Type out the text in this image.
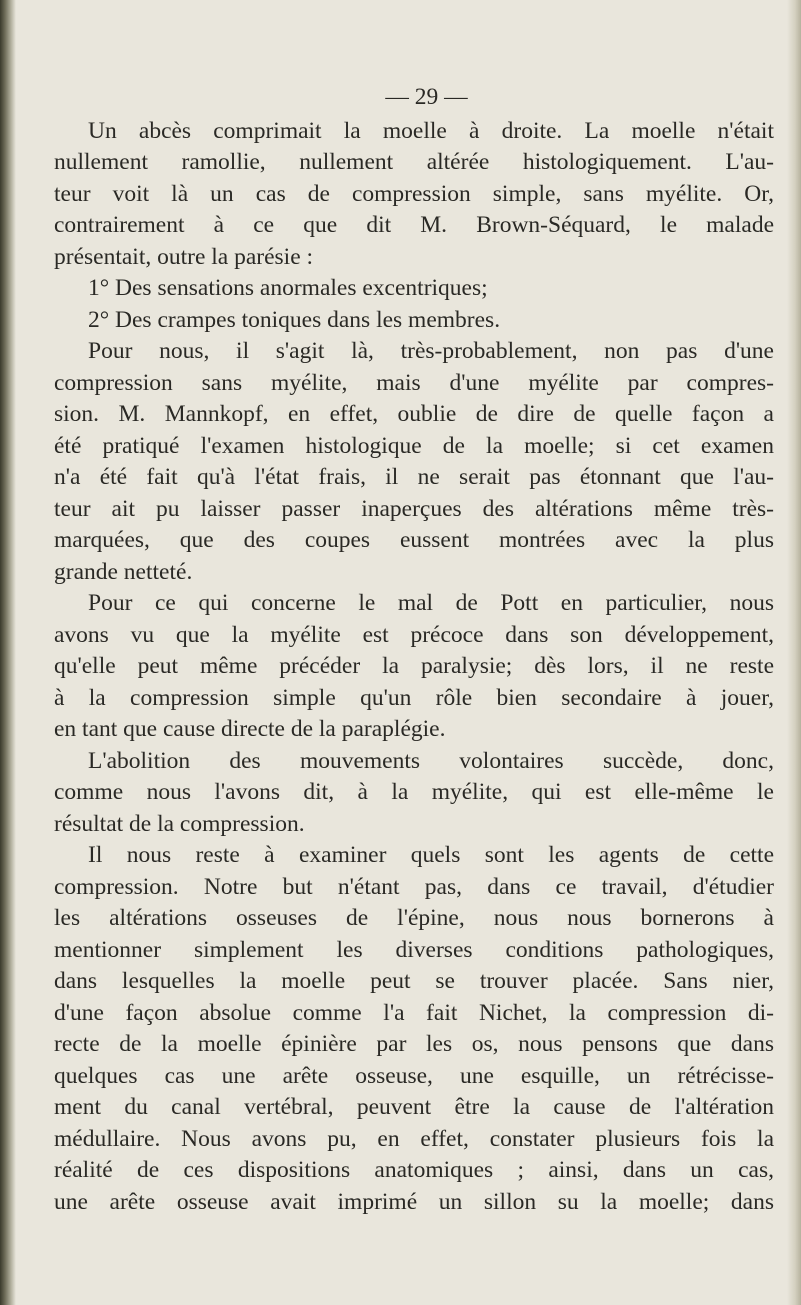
— 29 —
Un abcès comprimait la moelle à droite. La moelle n'était
nullement ramollie, nullement altérée histologiquement. L'au-
teur voit là un cas de compression simple, sans myélite. Or,
contrairement à ce que dit M. Brown-Séquard, le malade
présentait, outre la parésie :
1° Des sensations anormales excentriques;
2° Des crampes toniques dans les membres.
Pour nous, il s'agit là, très-probablement, non pas d'une
compression sans myélite, mais d'une myélite par compres-
sion. M. Mannkopf, en effet, oublie de dire de quelle façon a
été pratiqué l'examen histologique de la moelle; si cet examen
n'a été fait qu'à l'état frais, il ne serait pas étonnant que l'au-
teur ait pu laisser passer inaperçues des altérations même très-
marquées, que des coupes eussent montrées avec la plus
grande netteté.
Pour ce qui concerne le mal de Pott en particulier, nous
avons vu que la myélite est précoce dans son développement,
qu'elle peut même précéder la paralysie; dès lors, il ne reste
à la compression simple qu'un rôle bien secondaire à jouer,
en tant que cause directe de la paraplégie.
L'abolition des mouvements volontaires succède, donc,
comme nous l'avons dit, à la myélite, qui est elle-même le
résultat de la compression.
Il nous reste à examiner quels sont les agents de cette
compression. Notre but n'étant pas, dans ce travail, d'étudier
les altérations osseuses de l'épine, nous nous bornerons à
mentionner simplement les diverses conditions pathologiques,
dans lesquelles la moelle peut se trouver placée. Sans nier,
d'une façon absolue comme l'a fait Nichet, la compression di-
recte de la moelle épinière par les os, nous pensons que dans
quelques cas une arête osseuse, une esquille, un rétrécisse-
ment du canal vertébral, peuvent être la cause de l'altération
médullaire. Nous avons pu, en effet, constater plusieurs fois la
réalité de ces dispositions anatomiques ; ainsi, dans un cas,
une arête osseuse avait imprimé un sillon su la moelle; dans
